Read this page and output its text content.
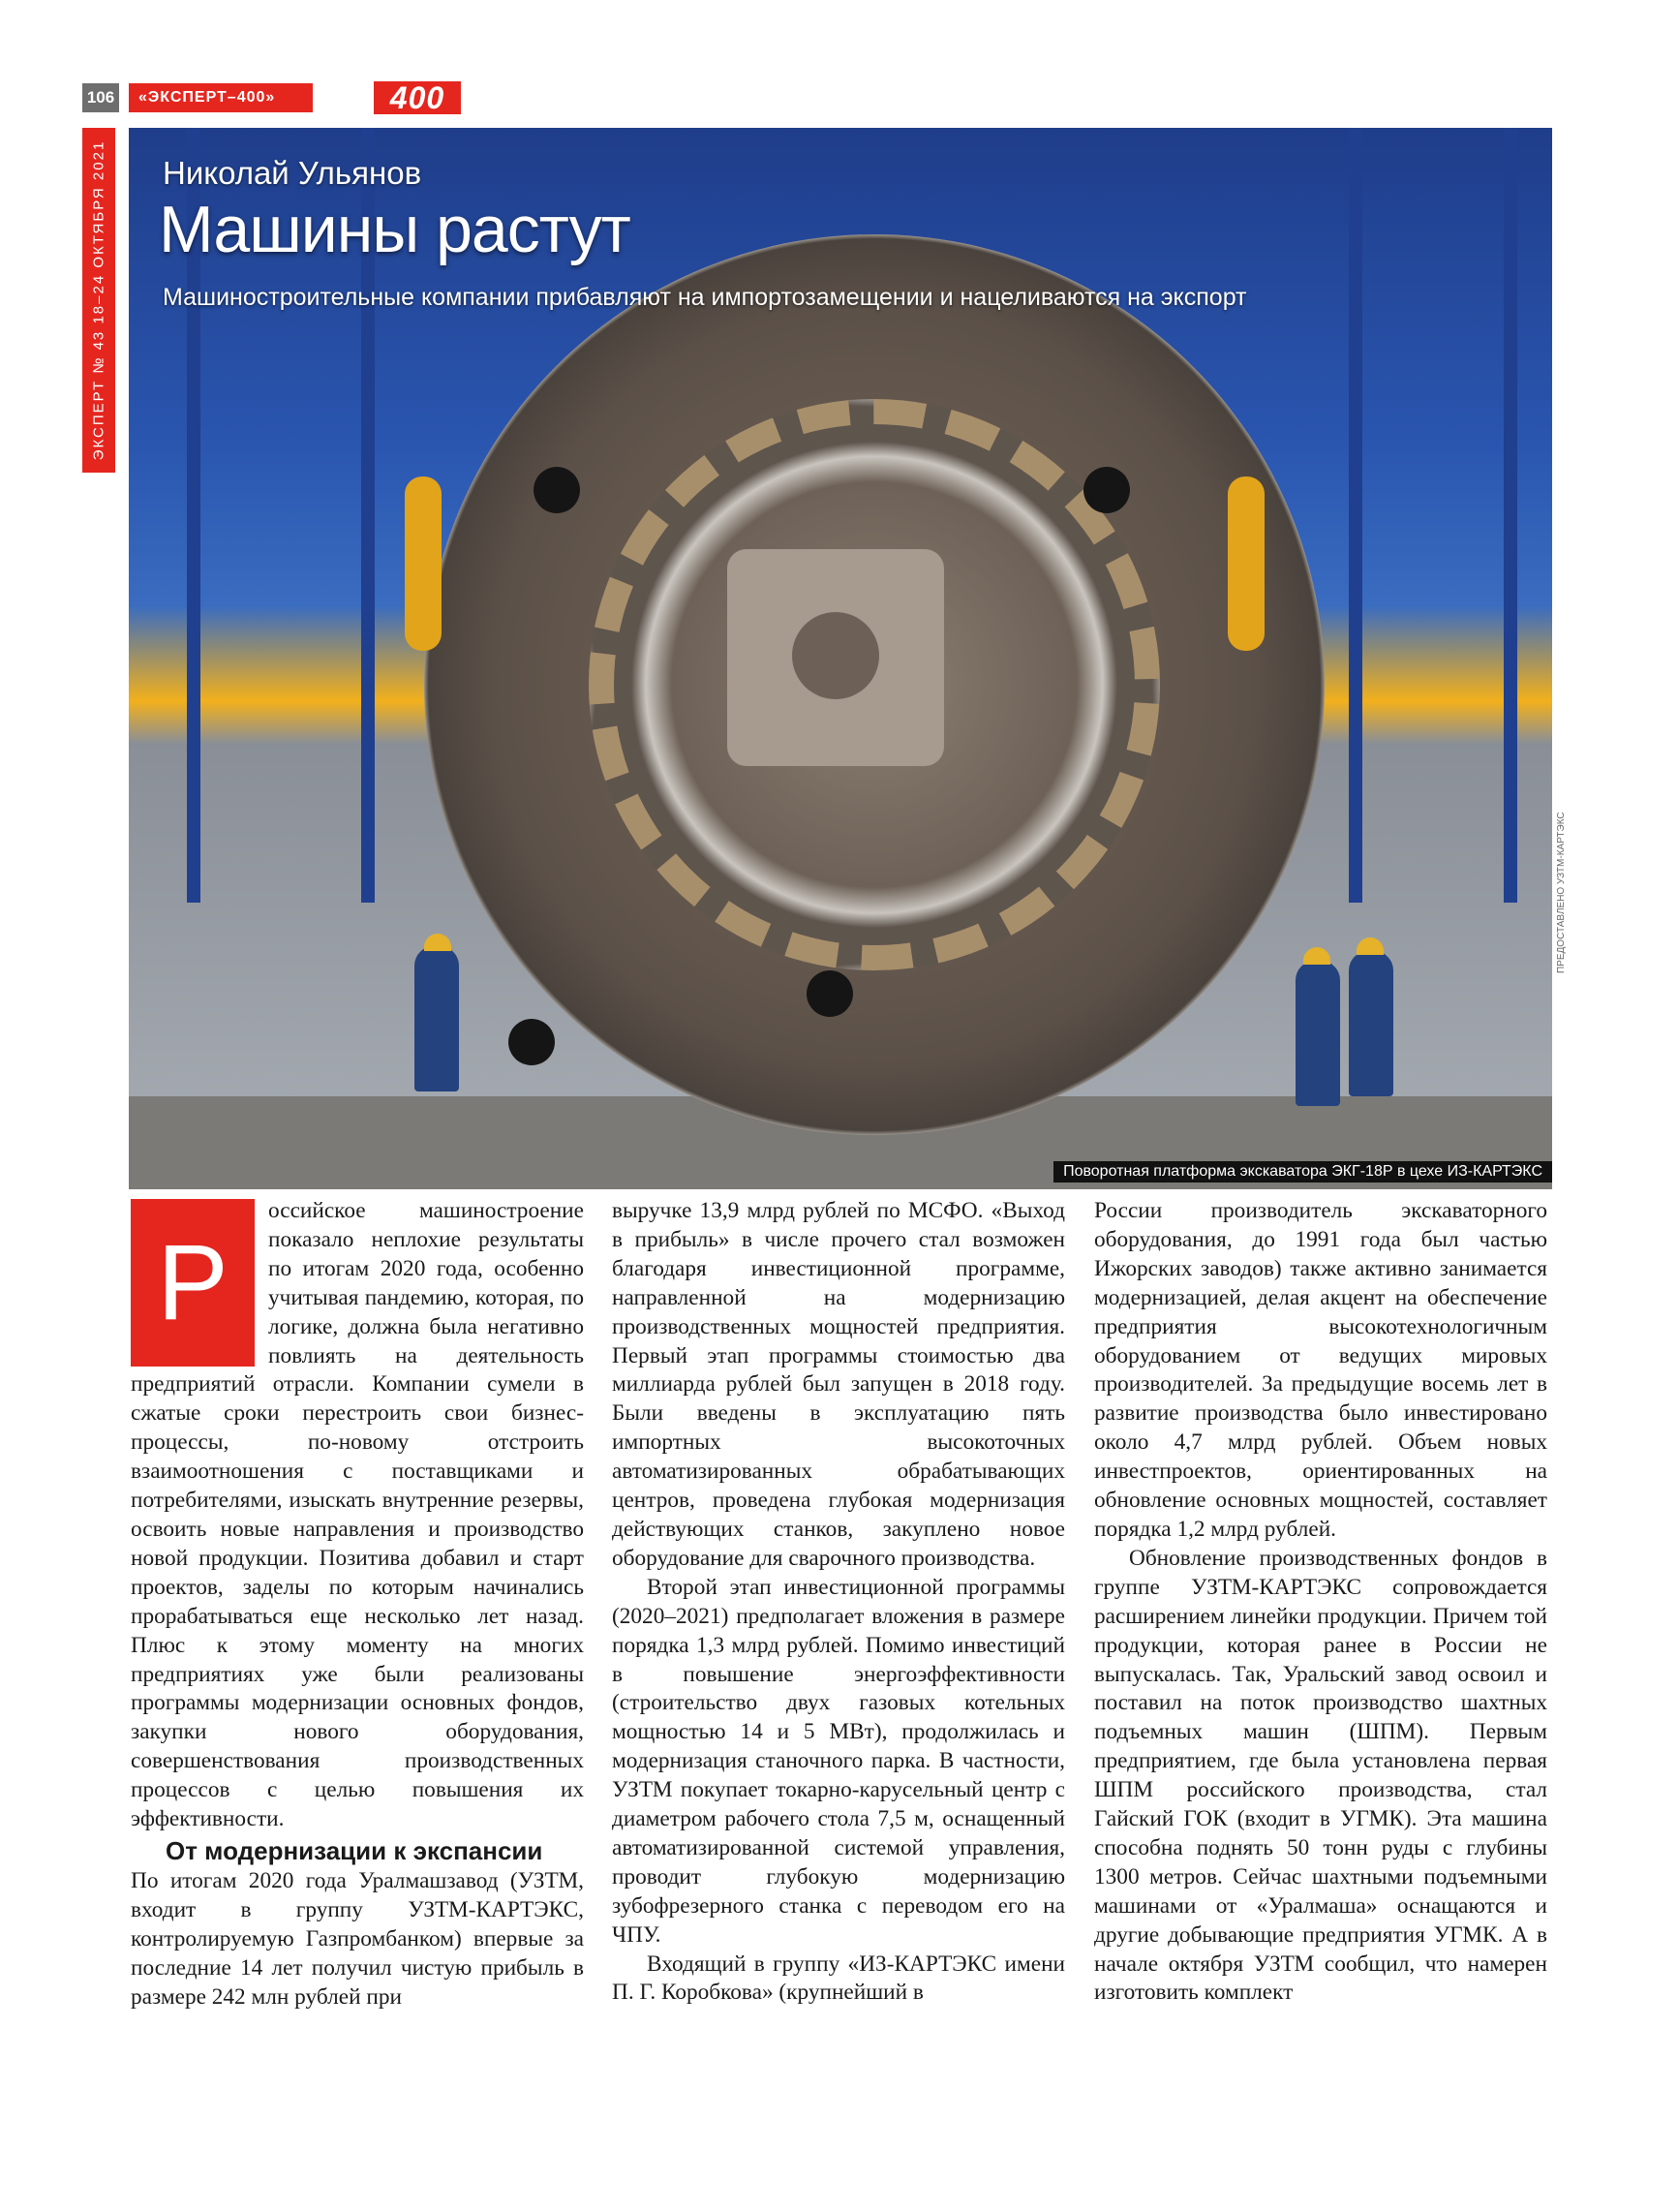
106	«ЭКСПЕРТ–400»	400
ЭКСПЕРТ № 43 18–24 ОКТЯБРЯ 2021 Николай Ульянов
Машины растут
Машиностроительные компании прибавляют на импортозамещении и нацеливаются на экспорт
ПРЕДОСТАВЛЕНО УЗТМ-КАРТЭКС
Поворотная платформа экскаватора ЭКГ-18Р в цехе ИЗ-КАРТЭКС

Р
оссийское машиностроение показало неплохие результаты по итогам 2020 года, особенно учитывая пандемию, которая, по логике, должна была негативно повлиять на деятельность предприятий отрасли. Компании сумели в сжатые сроки перестроить свои бизнес-процессы, по-новому отстроить взаимоотношения с поставщиками и потребителями, изыскать внутренние резервы, освоить новые направления и производство новой продукции. Позитива добавил и старт проектов, заделы по которым начинались прорабатываться еще несколько лет назад. Плюс к этому моменту на многих предприятиях уже были реализованы программы модернизации основных фондов, закупки нового оборудования, совершенствования производственных процессов с целью повышения их эффективности.

От модернизации к экспансии

По итогам 2020 года Уралмашзавод (УЗТМ, входит в группу УЗТМ-КАРТЭКС, контролируемую Газпромбанком) впервые за последние 14 лет получил чистую прибыль в размере 242 млн рублей при

выручке 13,9 млрд рублей по МСФО. «Выход в прибыль» в числе прочего стал возможен благодаря инвестиционной программе, направленной на модернизацию производственных мощностей предприятия. Первый этап программы стоимостью два миллиарда рублей был запущен в 2018 году. Были введены в эксплуатацию пять импортных высокоточных автоматизированных обрабатывающих центров, проведена глубокая модернизация действующих станков, закуплено новое оборудование для сварочного производства.

Второй этап инвестиционной программы (2020–2021) предполагает вложения в размере порядка 1,3 млрд рублей. Помимо инвестиций в повышение энергоэффективности (строительство двух газовых котельных мощностью 14 и 5 МВт), продолжилась и модернизация станочного парка. В частности, УЗТМ покупает токарно-карусельный центр с диаметром рабочего стола 7,5 м, оснащенный автоматизированной системой управления, проводит глубокую модернизацию зубофрезерного станка с переводом его на ЧПУ.

Входящий в группу «ИЗ-КАРТЭКС имени П. Г. Коробкова» (крупнейший в

России производитель экскаваторного оборудования, до 1991 года был частью Ижорских заводов) также активно занимается модернизацией, делая акцент на обеспечение предприятия высокотехнологичным оборудованием от ведущих мировых производителей. За предыдущие восемь лет в развитие производства было инвестировано около 4,7 млрд рублей. Объем новых инвестпроектов, ориентированных на обновление основных мощностей, составляет порядка 1,2 млрд рублей.

Обновление производственных фондов в группе УЗТМ-КАРТЭКС сопровождается расширением линейки продукции. Причем той продукции, которая ранее в России не выпускалась. Так, Уральский завод освоил и поставил на поток производство шахтных подъемных машин (ШПМ). Первым предприятием, где была установлена первая ШПМ российского производства, стал Гайский ГОК (входит в УГМК). Эта машина способна поднять 50 тонн руды с глубины 1300 метров. Сейчас шахтными подъемными машинами от «Уралмаша» оснащаются и другие добывающие предприятия УГМК. А в начале октября УЗТМ сообщил, что намерен изготовить комплект
